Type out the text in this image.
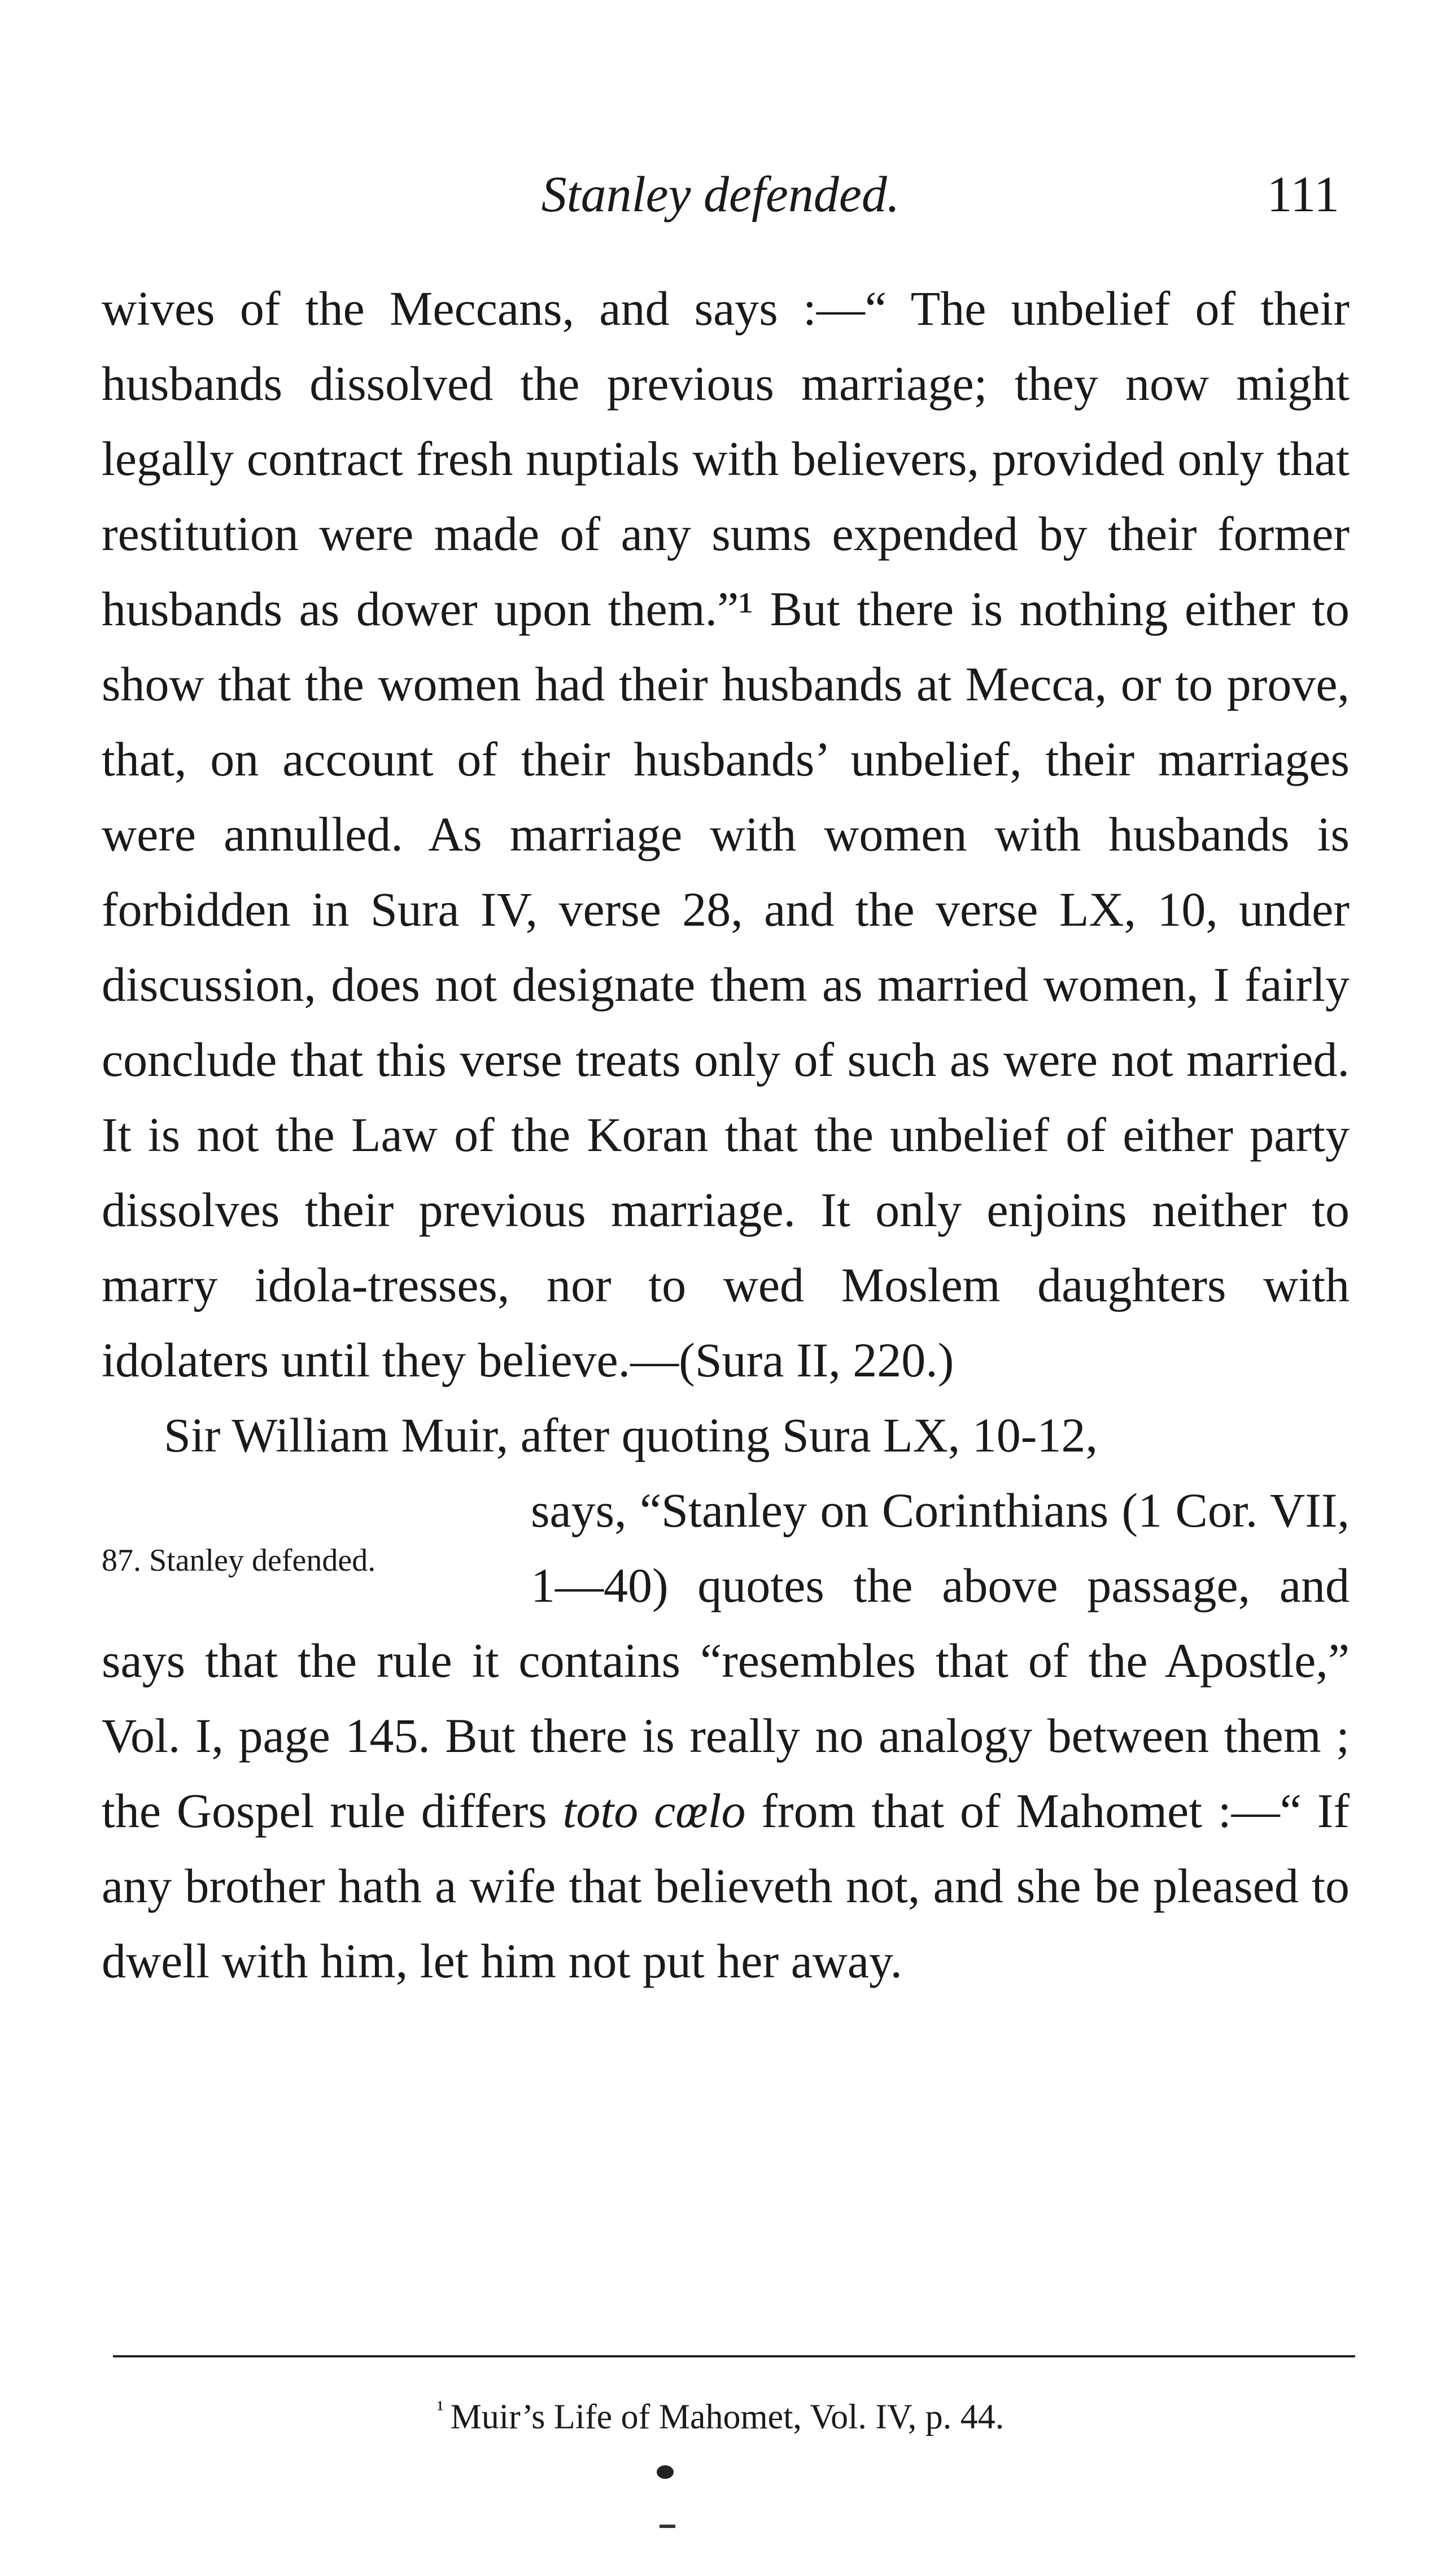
Stanley defended.	111

wives of the Meccans, and says :—“ The unbelief of their husbands dissolved the previous marriage; they now might legally contract fresh nuptials with believers, provided only that restitution were made of any sums expended by their former husbands as dower upon them.”¹ But there is nothing either to show that the women had their husbands at Mecca, or to prove, that, on account of their husbands’ unbelief, their marriages were annulled. As marriage with women with husbands is forbidden in Sura IV, verse 28, and the verse LX, 10, under discussion, does not designate them as married women, I fairly conclude that this verse treats only of such as were not married. It is not the Law of the Koran that the unbelief of either party dissolves their previous marriage. It only enjoins neither to marry idola-tresses, nor to wed Moslem daughters with idolaters until they believe.—(Sura II, 220.)

Sir William Muir, after quoting Sura LX, 10-12,

87. Stanley defended.
says, “Stanley on Corinthians (1 Cor. VII, 1—40) quotes the above passage, and says that the rule it contains “resembles that of the Apostle,” Vol. I, page 145. But there is really no analogy between them ; the Gospel rule differs toto cœlo from that of Mahomet :—“ If any brother hath a wife that believeth not, and she be pleased to dwell with him, let him not put her away.

$^{^1}$ Muir’s Life of Mahomet, Vol. IV, p. 44.
